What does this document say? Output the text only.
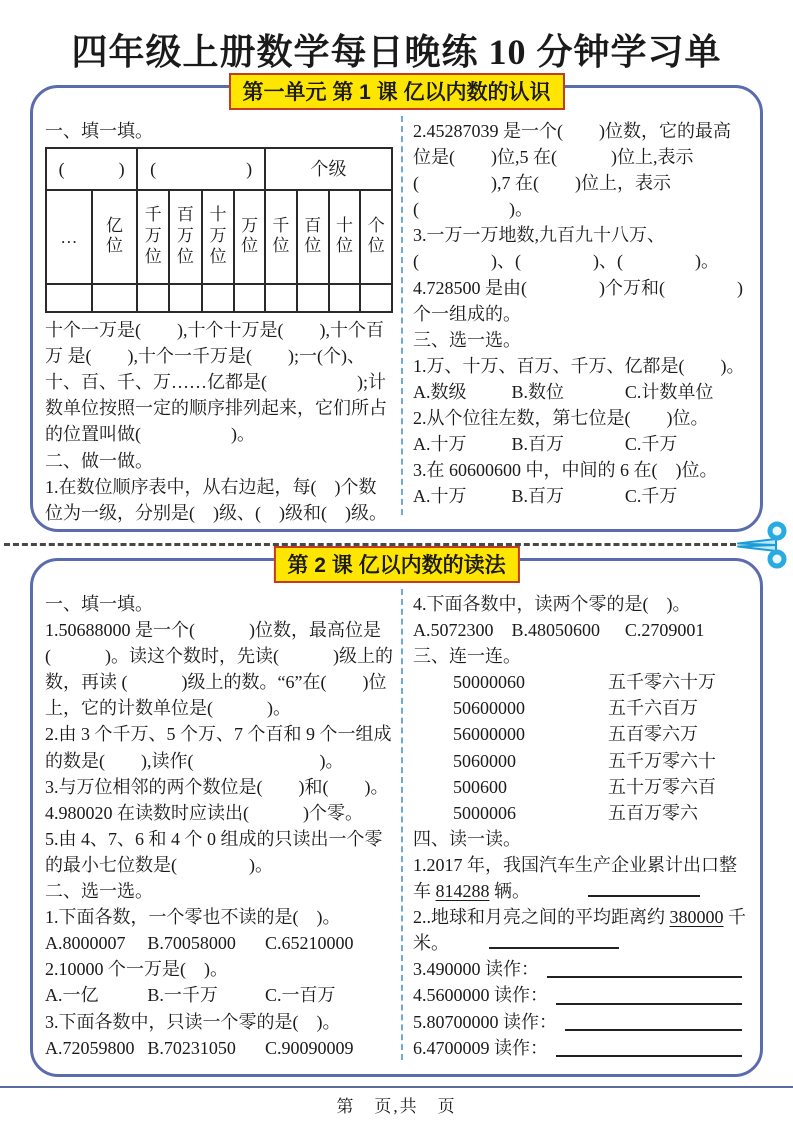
四年级上册数学每日晚练 10 分钟学习单
第一单元 第 1 课 亿以内数的认识

一、填一填。

(　　　)		(　　　　　)				个级			
…	亿位	千万位	百万位	十万位	万位	千位	百位	十位	个位

十个一万是(　　),十个十万是(　　),十个百万 是(　　),十个一千万是(　　);一(个)、十、百、千、万……亿都是(　　　　　);计数单位按照一定的顺序排列起来，它们所占的位置叫做(　　　　　)。

二、做一做。

1.在数位顺序表中，从右边起，每(　)个数位为一级，分别是(　)级、(　)级和(　)级。

2.45287039 是一个(　　)位数，它的最高位是(　　)位,5 在(　　　)位上,表示(　　　　),7 在(　　)位上，表示(　　　　　)。

3.一万一万地数,九百九十八万、(　　　　)、(　　　　)、(　　　　)。

4.728500 是由(　　　　)个万和(　　　　)个一组成的。

三、选一选。

1.万、十万、百万、千万、亿都是(　　)。

A.数级	B.数位	C.计数单位

2.从个位往左数，第七位是(　　)位。

A.十万	B.百万	C.千万

3.在 60600600 中，中间的 6 在(　)位。

A.十万	B.百万	C.千万
第 2 课 亿以内数的读法

一、填一填。

1.50688000 是一个(　　　)位数，最高位是(　　　)。读这个数时，先读(　　　)级上的数，再读 (　　　)级上的数。“6”在(　　)位上，它的计数单位是(　　　)。

2.由 3 个千万、5 个万、7 个百和 9 个一组成的数是(　　),读作(　　　　　　　)。

3.与万位相邻的两个数位是(　　)和(　　)。

4.980020 在读数时应读出(　　　)个零。

5.由 4、7、6 和 4 个 0 组成的只读出一个零的最小七位数是(　　　　)。

二、选一选。

1.下面各数，一个零也不读的是(　)。

A.8000007	B.70058000	C.65210000

2.10000 个一万是(　)。

A.一亿	B.一千万	C.一百万

3.下面各数中，只读一个零的是(　)。

A.72059800 B.70231050	C.90090009

4.下面各数中，读两个零的是(　)。

A.5072300	B.48050600	C.2709001

三、连一连。

50000060	五千零六十万
50600000	五千六百万
56000000	五百零六万
5060000	五千万零六十
500600	五十万零六百
5000006	五百万零六

四、读一读。

1.2017 年，我国汽车生产企业累计出口整车 814288 辆。

2..地球和月亮之间的平均距离约 380000 千米。

3.490000 读作：
4.5600000 读作：
5.80700000 读作：
6.4700009 读作：
第　页,共　页
